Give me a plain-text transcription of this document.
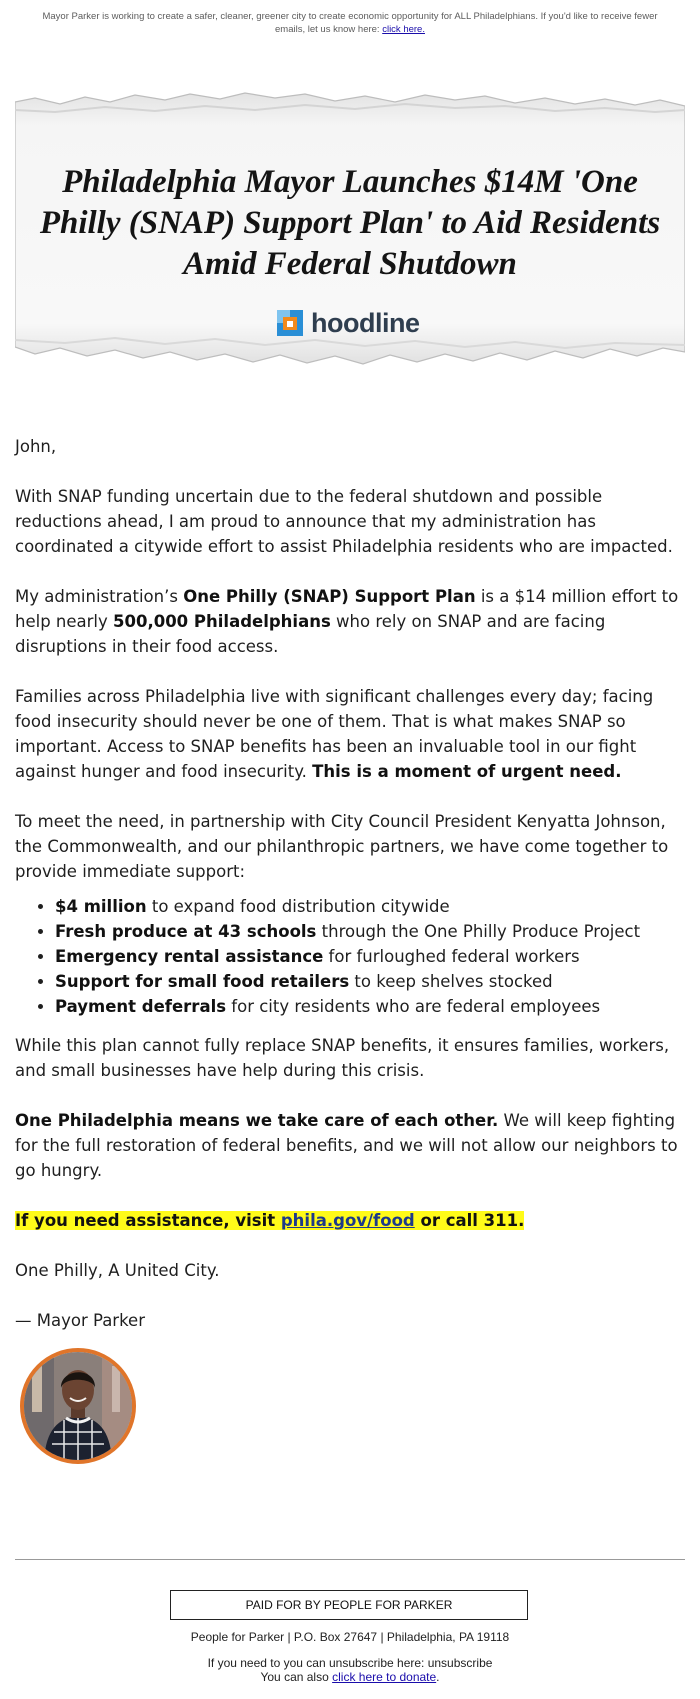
Mayor Parker is working to create a safer, cleaner, greener city to create economic opportunity for ALL Philadelphians. If you'd like to receive fewer emails, let us know here: click here.
Philadelphia Mayor Launches $14M 'One Philly (SNAP) Support Plan' to Aid Residents Amid Federal Shutdown
hoodline

John,

With SNAP funding uncertain due to the federal shutdown and possible reductions ahead, I am proud to announce that my administration has coordinated a citywide effort to assist Philadelphia residents who are impacted.

My administration’s One Philly (SNAP) Support Plan is a $14 million effort to help nearly 500,000 Philadelphians who rely on SNAP and are facing disruptions in their food access.

Families across Philadelphia live with significant challenges every day; facing food insecurity should never be one of them. That is what makes SNAP so important. Access to SNAP benefits has been an invaluable tool in our fight against hunger and food insecurity. This is a moment of urgent need.

To meet the need, in partnership with City Council President Kenyatta Johnson, the Commonwealth, and our philanthropic partners, we have come together to provide immediate support:

• $4 million to expand food distribution citywide
• Fresh produce at 43 schools through the One Philly Produce Project
• Emergency rental assistance for furloughed federal workers
• Support for small food retailers to keep shelves stocked
• Payment deferrals for city residents who are federal employees

While this plan cannot fully replace SNAP benefits, it ensures families, workers, and small businesses have help during this crisis.

One Philadelphia means we take care of each other. We will keep fighting for the full restoration of federal benefits, and we will not allow our neighbors to go hungry.

If you need assistance, visit phila.gov/food or call 311.

One Philly, A United City.

— Mayor Parker
PAID FOR BY PEOPLE FOR PARKER
People for Parker | P.O. Box 27647 | Philadelphia, PA 19118
If you need to you can unsubscribe here: unsubscribe
You can also click here to donate.
